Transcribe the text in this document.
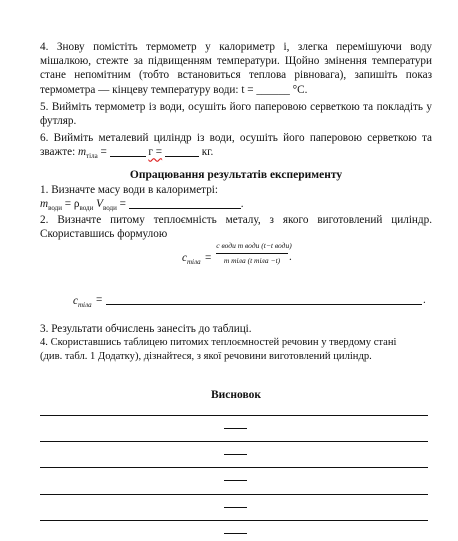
4. Знову помістіть термометр у калориметр і, злегка перемішуючи воду мішалкою, стежте за підвищенням температури. Щойно змінення температури стане непомітним (тобто встановиться теплова рівновага), запишіть показ термометра — кінцеву температуру води: t = ______ °С.
5. Вийміть термометр із води, осушіть його паперовою серветкою та покладіть у футляр.
6. Вийміть металевий циліндр із води, осушіть його паперовою серветкою та зважте: $m_{тіла}$ =	г =	кг.
Опрацювання результатів експерименту
1. Визначте масу води в калориметрі:
$m_{води} = \rho_{води}$ $V_{води}$ =	.
2. Визначте питому теплоємність металу, з якого виготовлений циліндр. Скориставшись формулою
$c_{тіла}$ =
c води m води (t−t води)
m тіла (t тіла −t) .
$c_{тіла}$ =	.
3. Результати обчислень занесіть до таблиці.
4. Скориставшись таблицею питомих теплоємностей речовин у твердому стані (див. табл. 1 Додатку), дізнайтеся, з якої речовини виготовлений циліндр.
Висновок
